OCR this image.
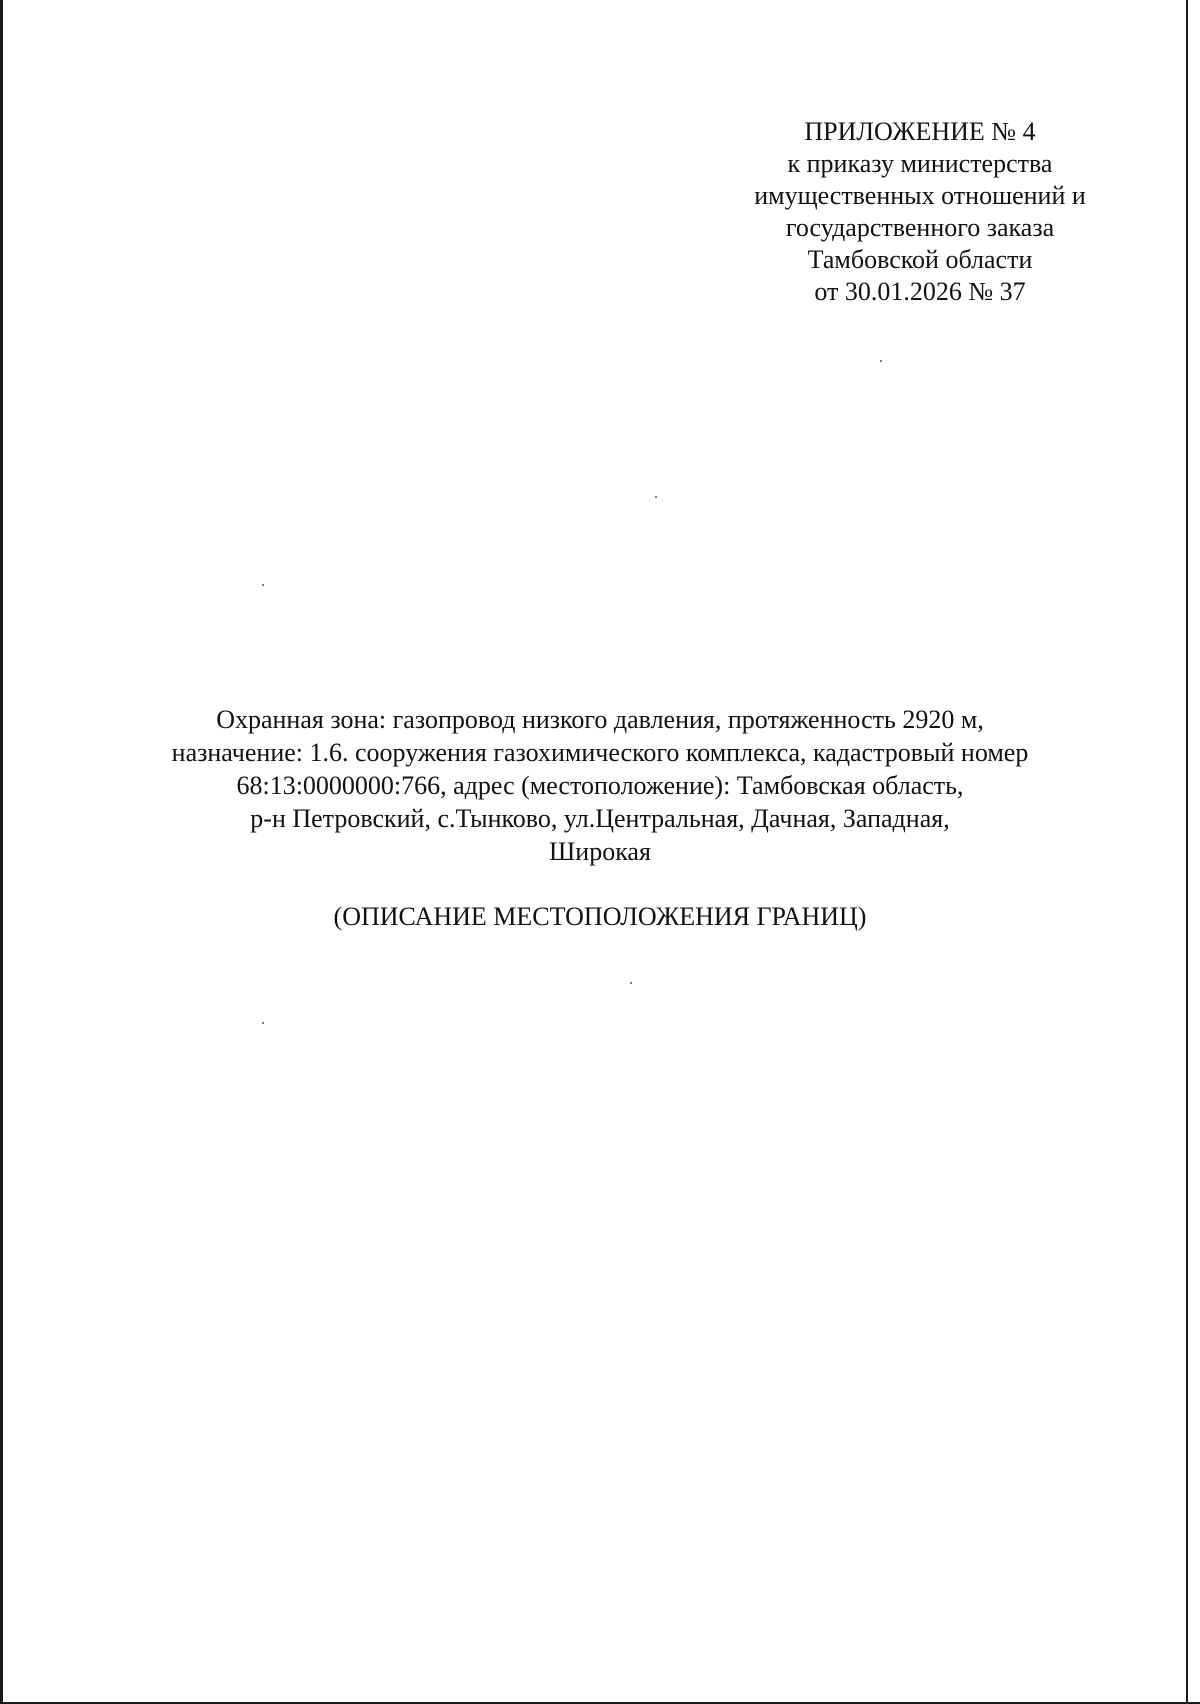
ПРИЛОЖЕНИЕ № 4
к приказу министерства
имущественных отношений и
государственного заказа
Тамбовской области
от 30.01.2026 № 37
Охранная зона: газопровод низкого давления, протяженность 2920 м,
назначение: 1.6. сооружения газохимического комплекса, кадастровый номер
68:13:0000000:766, адрес (местоположение): Тамбовская область,
р-н Петровский, с.Тынково, ул.Центральная, Дачная, Западная,
Широкая
(ОПИСАНИЕ МЕСТОПОЛОЖЕНИЯ ГРАНИЦ)
